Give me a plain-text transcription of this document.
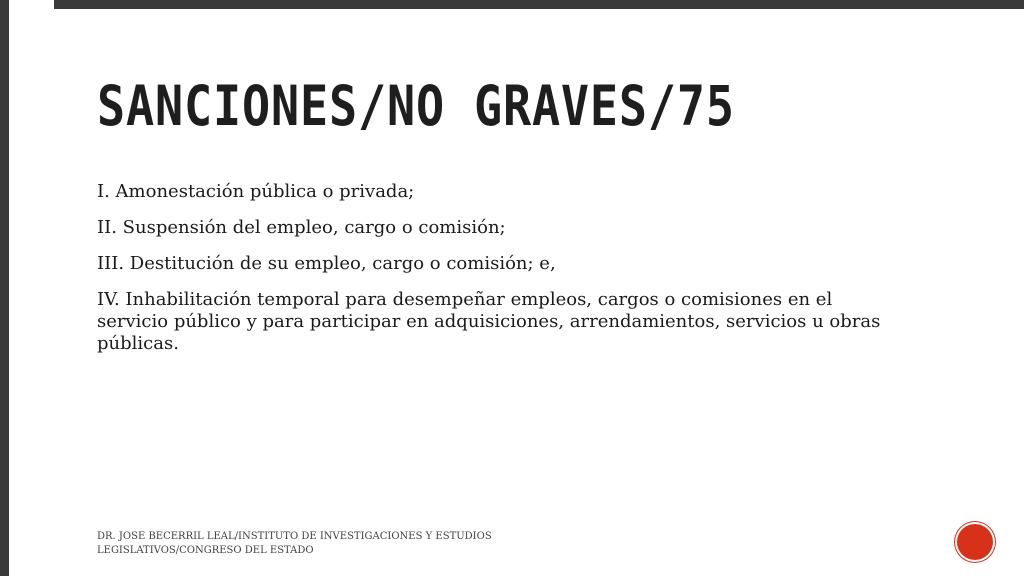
SANCIONES/NO GRAVES/75

I. Amonestación pública o privada;

II. Suspensión del empleo, cargo o comisión;

III. Destitución de su empleo, cargo o comisión; e,

IV. Inhabilitación temporal para desempeñar empleos, cargos o comisiones en el servicio público y para participar en adquisiciones, arrendamientos, servicios u obras públicas.

DR. JOSE BECERRIL LEAL/INSTITUTO DE INVESTIGACIONES Y ESTUDIOS LEGISLATIVOS/CONGRESO DEL ESTADO
